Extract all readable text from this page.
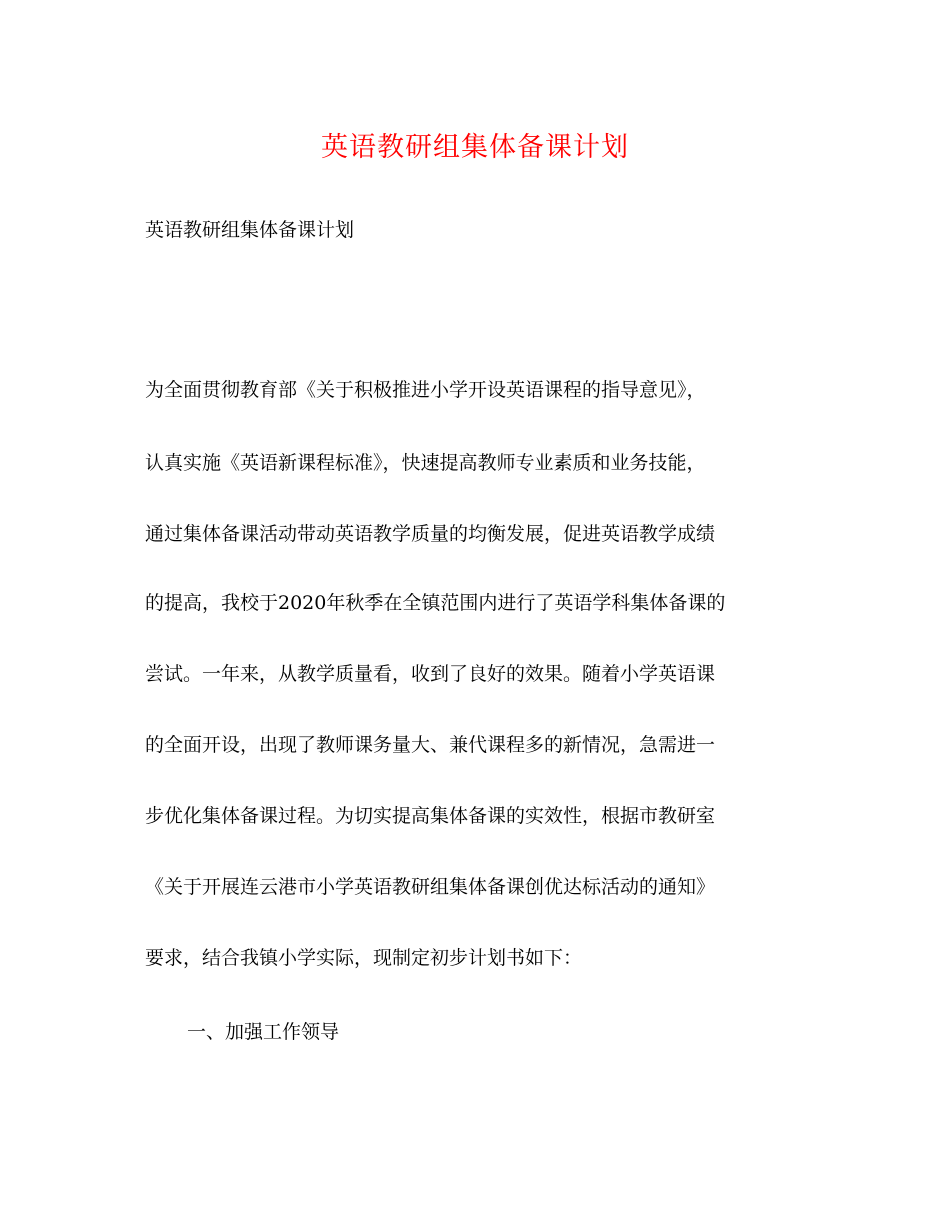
英语教研组集体备课计划
英语教研组集体备课计划
为全面贯彻教育部《关于积极推进小学开设英语课程的指导意见》，
认真实施《英语新课程标准》，快速提高教师专业素质和业务技能，
通过集体备课活动带动英语教学质量的均衡发展，促进英语教学成绩
的提高，我校于2020年秋季在全镇范围内进行了英语学科集体备课的
尝试。一年来，从教学质量看，收到了良好的效果。随着小学英语课
的全面开设，出现了教师课务量大、兼代课程多的新情况，急需进一
步优化集体备课过程。为切实提高集体备课的实效性，根据市教研室
《关于开展连云港市小学英语教研组集体备课创优达标活动的通知》
要求，结合我镇小学实际，现制定初步计划书如下：
一、加强工作领导
